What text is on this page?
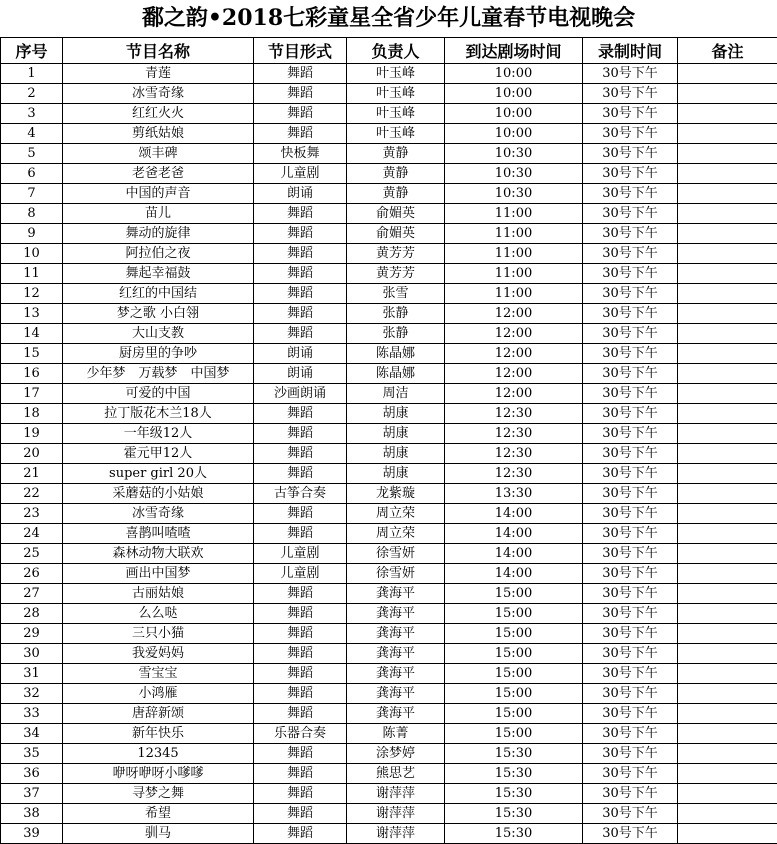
鄱之韵•2018七彩童星全省少年儿童春节电视晚会
序号	节目名称	节目形式	负责人	到达剧场时间	录制时间	备注
1	青莲	舞蹈	叶玉峰	10:00	30号下午	
2	冰雪奇缘	舞蹈	叶玉峰	10:00	30号下午	
3	红红火火	舞蹈	叶玉峰	10:00	30号下午	
4	剪纸姑娘	舞蹈	叶玉峰	10:00	30号下午	
5	颂丰碑	快板舞	黄静	10:30	30号下午	
6	老爸老爸	儿童剧	黄静	10:30	30号下午	
7	中国的声音	朗诵	黄静	10:30	30号下午	
8	苗儿	舞蹈	俞媚英	11:00	30号下午	
9	舞动的旋律	舞蹈	俞媚英	11:00	30号下午	
10	阿拉伯之夜	舞蹈	黄芳芳	11:00	30号下午	
11	舞起幸福鼓	舞蹈	黄芳芳	11:00	30号下午	
12	红红的中国结	舞蹈	张雪	11:00	30号下午	
13	梦之歌 小白翎	舞蹈	张静	12:00	30号下午	
14	大山支教	舞蹈	张静	12:00	30号下午	
15	厨房里的争吵	朗诵	陈晶娜	12:00	30号下午	
16	少年梦　万载梦　中国梦	朗诵	陈晶娜	12:00	30号下午	
17	可爱的中国	沙画朗诵	周洁	12:00	30号下午	
18	拉丁版花木兰18人	舞蹈	胡康	12:30	30号下午	
19	一年级12人	舞蹈	胡康	12:30	30号下午	
20	霍元甲12人	舞蹈	胡康	12:30	30号下午	
21	super girl 20人	舞蹈	胡康	12:30	30号下午	
22	采蘑菇的小姑娘	古筝合奏	龙紫璇	13:30	30号下午	
23	冰雪奇缘	舞蹈	周立荣	14:00	30号下午	
24	喜鹊叫喳喳	舞蹈	周立荣	14:00	30号下午	
25	森林动物大联欢	儿童剧	徐雪妍	14:00	30号下午	
26	画出中国梦	儿童剧	徐雪妍	14:00	30号下午	
27	古丽姑娘	舞蹈	龚海平	15:00	30号下午	
28	么么哒	舞蹈	龚海平	15:00	30号下午	
29	三只小猫	舞蹈	龚海平	15:00	30号下午	
30	我爱妈妈	舞蹈	龚海平	15:00	30号下午	
31	雪宝宝	舞蹈	龚海平	15:00	30号下午	
32	小鸿雁	舞蹈	龚海平	15:00	30号下午	
33	唐辞新颂	舞蹈	龚海平	15:00	30号下午	
34	新年快乐	乐器合奏	陈菁	15:00	30号下午	
35	12345	舞蹈	涂梦婷	15:30	30号下午	
36	咿呀咿呀小嗲嗲	舞蹈	熊思艺	15:30	30号下午	
37	寻梦之舞	舞蹈	谢萍萍	15:30	30号下午	
38	希望	舞蹈	谢萍萍	15:30	30号下午	
39	驯马	舞蹈	谢萍萍	15:30	30号下午	
